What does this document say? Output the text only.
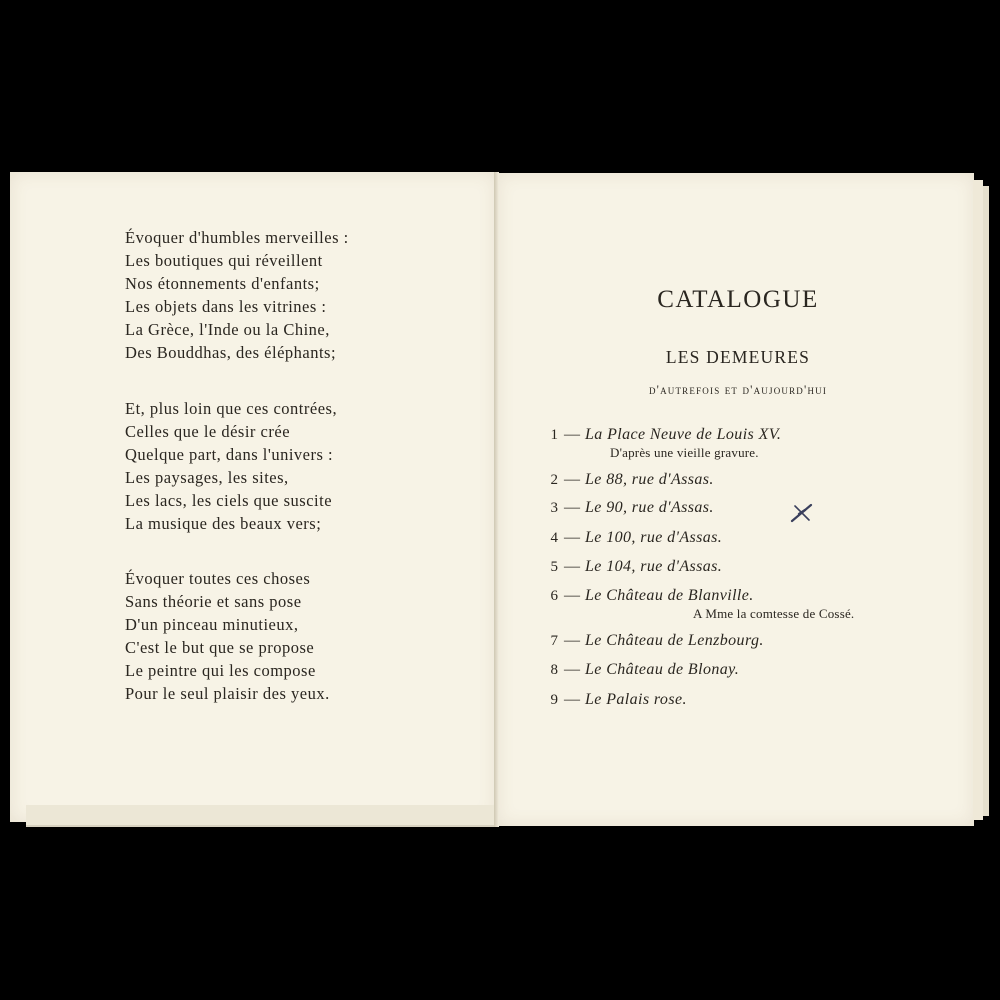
Évoquer d'humbles merveilles :
Les boutiques qui réveillent
Nos étonnements d'enfants;
Les objets dans les vitrines :
La Grèce, l'Inde ou la Chine,
Des Bouddhas, des éléphants;
Et, plus loin que ces contrées,
Celles que le désir crée
Quelque part, dans l'univers :
Les paysages, les sites,
Les lacs, les ciels que suscite
La musique des beaux vers;
Évoquer toutes ces choses
Sans théorie et sans pose
D'un pinceau minutieux,
C'est le but que se propose
Le peintre qui les compose
Pour le seul plaisir des yeux.
CATALOGUE
LES DEMEURES

d'autrefois et d'aujourd'hui

1 — La Place Neuve de Louis XV.
D'après une vieille gravure.
2 — Le 88, rue d'Assas.
3 — Le 90, rue d'Assas.
4 — Le 100, rue d'Assas.
5 — Le 104, rue d'Assas.
6 — Le Château de Blanville.
A Mme la comtesse de Cossé.
7 — Le Château de Lenzbourg.
8 — Le Château de Blonay.
9 — Le Palais rose.
